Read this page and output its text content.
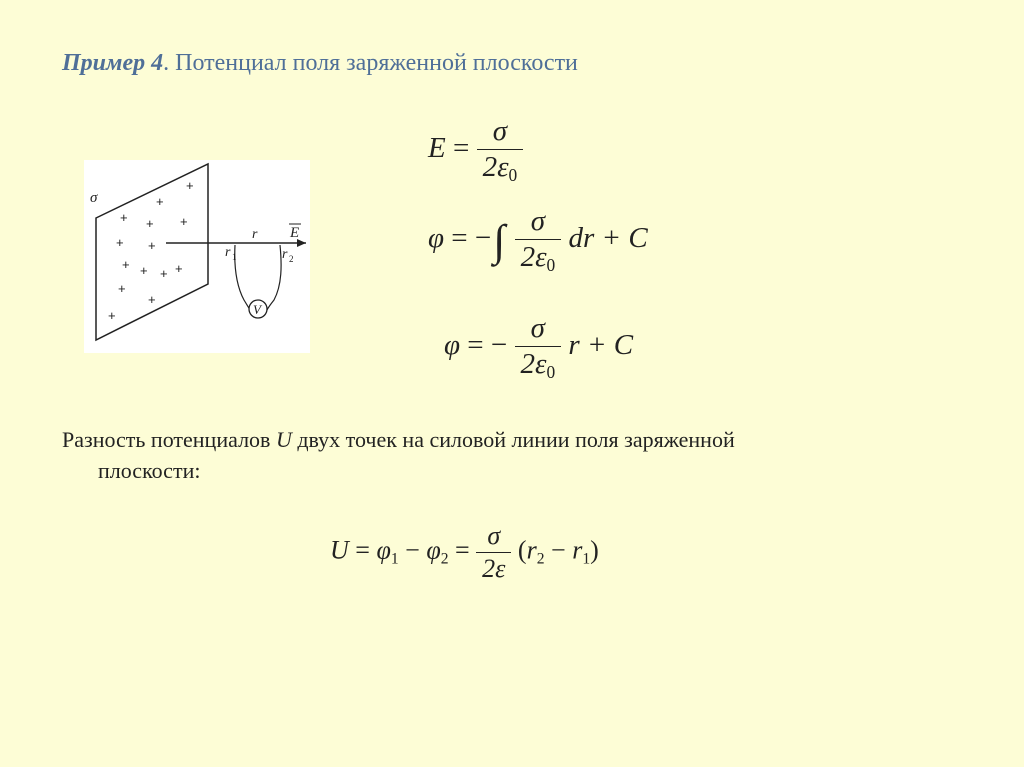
Пример 4. Потенциал поля заряженной плоскости
+
+
+ + +
+ +
+ + + +
+
+
+
σ
E
r
r 1	r 2
V
$E = \frac{\sigma}{2\varepsilon_0}$
φ = −∫ $\frac{\sigma}{2\varepsilon_0}$ dr + C
φ = − $\frac{\sigma}{2\varepsilon_0}$ r + C
Разность потенциалов U двух точек на силовой линии поля заряженной
плоскости:
$U = \varphi_1 - \varphi_2 = \frac{\sigma}{2\varepsilon} (r_2 - r_1)$
